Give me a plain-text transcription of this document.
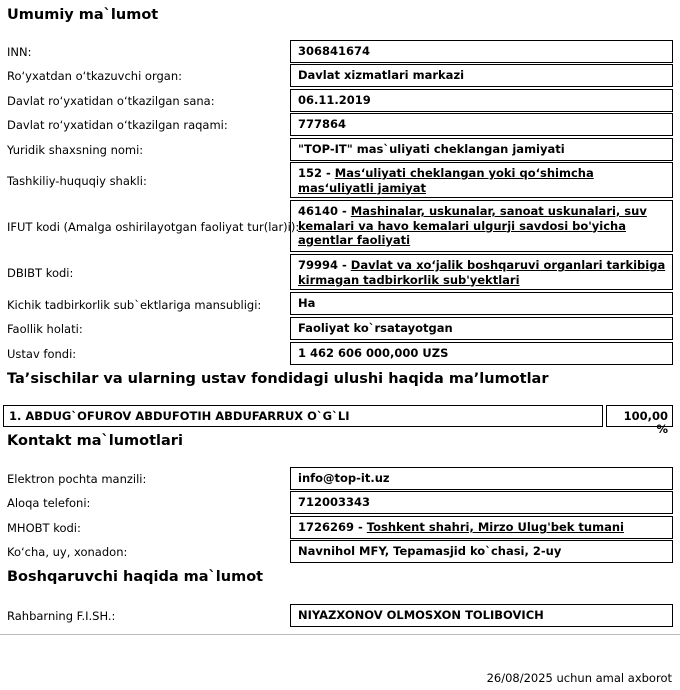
Umumiy ma`lumot
INN:	306841674
Ro‘yxatdan o‘tkazuvchi organ:	Davlat xizmatlari markazi
Davlat ro‘yxatidan o‘tkazilgan sana:	06.11.2019
Davlat ro‘yxatidan o‘tkazilgan raqami:	777864
Yuridik shaxsning nomi:	"TOP-IT" mas`uliyati cheklangan jamiyati
Tashkiliy-huquqiy shakli:
152 - Mas‘uliyati cheklangan yoki qo‘shimcha mas‘uliyatli jamiyat
IFUT kodi (Amalga oshirilayotgan faoliyat tur(lar)i):
46140 - Mashinalar, uskunalar, sanoat uskunalari, suv kemalari va havo kemalari ulgurji savdosi bo'yicha agentlar faoliyati
DBIBT kodi:
79994 - Davlat va xo‘jalik boshqaruvi organlari tarkibiga kirmagan tadbirkorlik sub'yektlari
Kichik tadbirkorlik sub`ektlariga mansubligi:	Ha
Faollik holati:	Faoliyat ko`rsatayotgan
Ustav fondi:	1 462 606 000,000 UZS
Ta’sischilar va ularning ustav fondidagi ulushi haqida ma’lumotlar
1. ABDUG`OFUROV ABDUFOTIH ABDUFARRUX O`G`LI	100,00 %
Kontakt ma`lumotlari
Elektron pochta manzili:	info@top-it.uz
Aloqa telefoni:	712003343
MHOBT kodi:	1726269 - Toshkent shahri, Mirzo Ulug'bek tumani
Ko‘cha, uy, xonadon:	Navnihol MFY, Tepamasjid ko`chasi, 2-uy
Boshqaruvchi haqida ma`lumot
Rahbarning F.I.SH.:	NIYAZXONOV OLMOSXON TOLIBOVICH
26/08/2025 uchun amal axborot
